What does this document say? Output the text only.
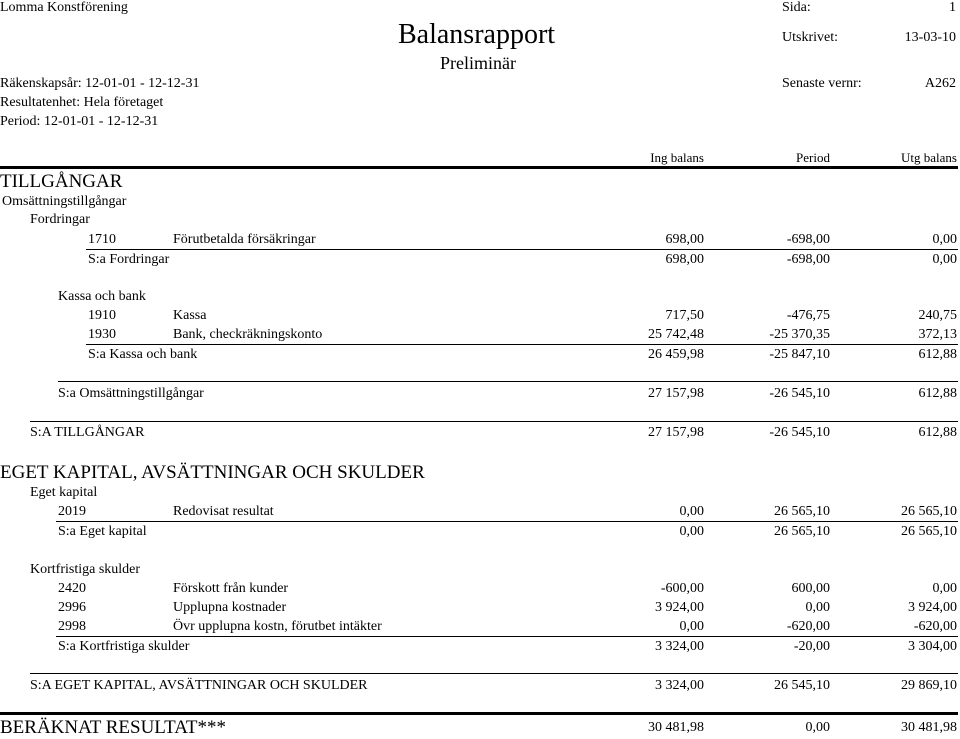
Lomma Konstförening
Balansrapport
Preliminär
Sida:	1
Utskrivet:	13-03-10
Räkenskapsår: 12-01-01 - 12-12-31	Senaste vernr:	A262
Resultatenhet: Hela företaget
Period: 12-01-01 - 12-12-31
Ing balans	Period	Utg balans
TILLGÅNGAR
Omsättningstillgångar
Fordringar
1710	Förutbetalda försäkringar	698,00	-698,00	0,00
S:a Fordringar	698,00	-698,00	0,00
Kassa och bank
1910	Kassa	717,50	-476,75	240,75
1930	Bank, checkräkningskonto	25 742,48	-25 370,35	372,13
S:a Kassa och bank	26 459,98	-25 847,10	612,88
S:a Omsättningstillgångar	27 157,98	-26 545,10	612,88
S:A TILLGÅNGAR	27 157,98	-26 545,10	612,88
EGET KAPITAL, AVSÄTTNINGAR OCH SKULDER
Eget kapital
2019	Redovisat resultat	0,00	26 565,10	26 565,10
S:a Eget kapital	0,00	26 565,10	26 565,10
Kortfristiga skulder
2420	Förskott från kunder	-600,00	600,00	0,00
2996	Upplupna kostnader	3 924,00	0,00	3 924,00
2998	Övr upplupna kostn, förutbet intäkter	0,00	-620,00	-620,00
S:a Kortfristiga skulder	3 324,00	-20,00	3 304,00
S:A EGET KAPITAL, AVSÄTTNINGAR OCH SKULDER	3 324,00	26 545,10	29 869,10
BERÄKNAT RESULTAT***	30 481,98	0,00	30 481,98
